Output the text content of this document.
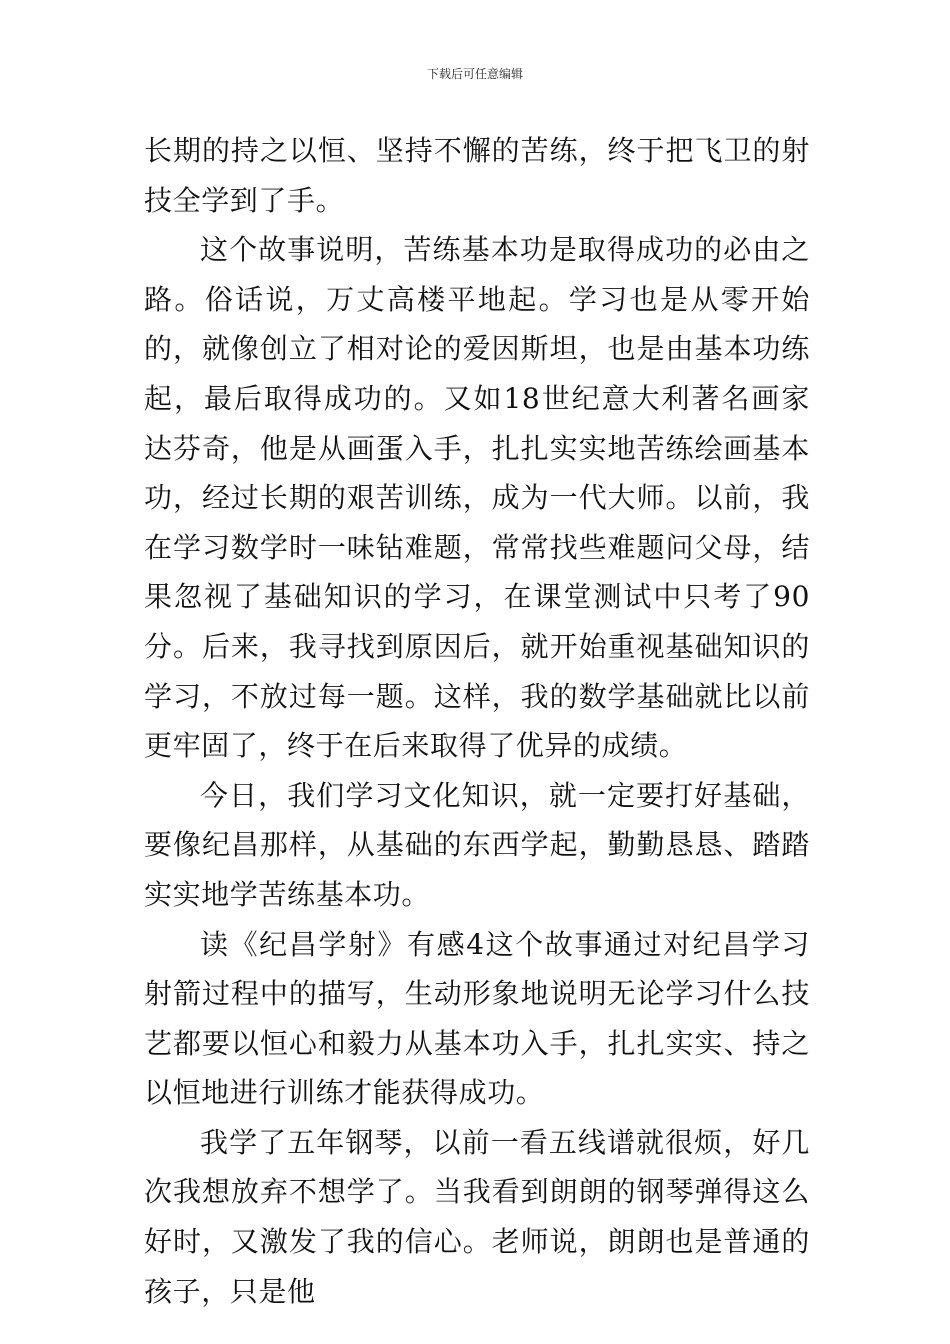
下载后可任意编辑

长期的持之以恒、坚持不懈的苦练，终于把飞卫的射技全学到了手。

这个故事说明，苦练基本功是取得成功的必由之路。俗话说，万丈高楼平地起。学习也是从零开始的，就像创立了相对论的爱因斯坦，也是由基本功练起，最后取得成功的。又如18世纪意大利著名画家达芬奇，他是从画蛋入手，扎扎实实地苦练绘画基本功，经过长期的艰苦训练，成为一代大师。以前，我在学习数学时一味钻难题，常常找些难题问父母，结果忽视了基础知识的学习，在课堂测试中只考了90分。后来，我寻找到原因后，就开始重视基础知识的学习，不放过每一题。这样，我的数学基础就比以前更牢固了，终于在后来取得了优异的成绩。

今日，我们学习文化知识，就一定要打好基础，要像纪昌那样，从基础的东西学起，勤勤恳恳、踏踏实实地学苦练基本功。

读《纪昌学射》有感4这个故事通过对纪昌学习射箭过程中的描写，生动形象地说明无论学习什么技艺都要以恒心和毅力从基本功入手，扎扎实实、持之以恒地进行训练才能获得成功。

我学了五年钢琴，以前一看五线谱就很烦，好几次我想放弃不想学了。当我看到朗朗的钢琴弹得这么好时，又激发了我的信心。老师说，朗朗也是普通的孩子，只是他
